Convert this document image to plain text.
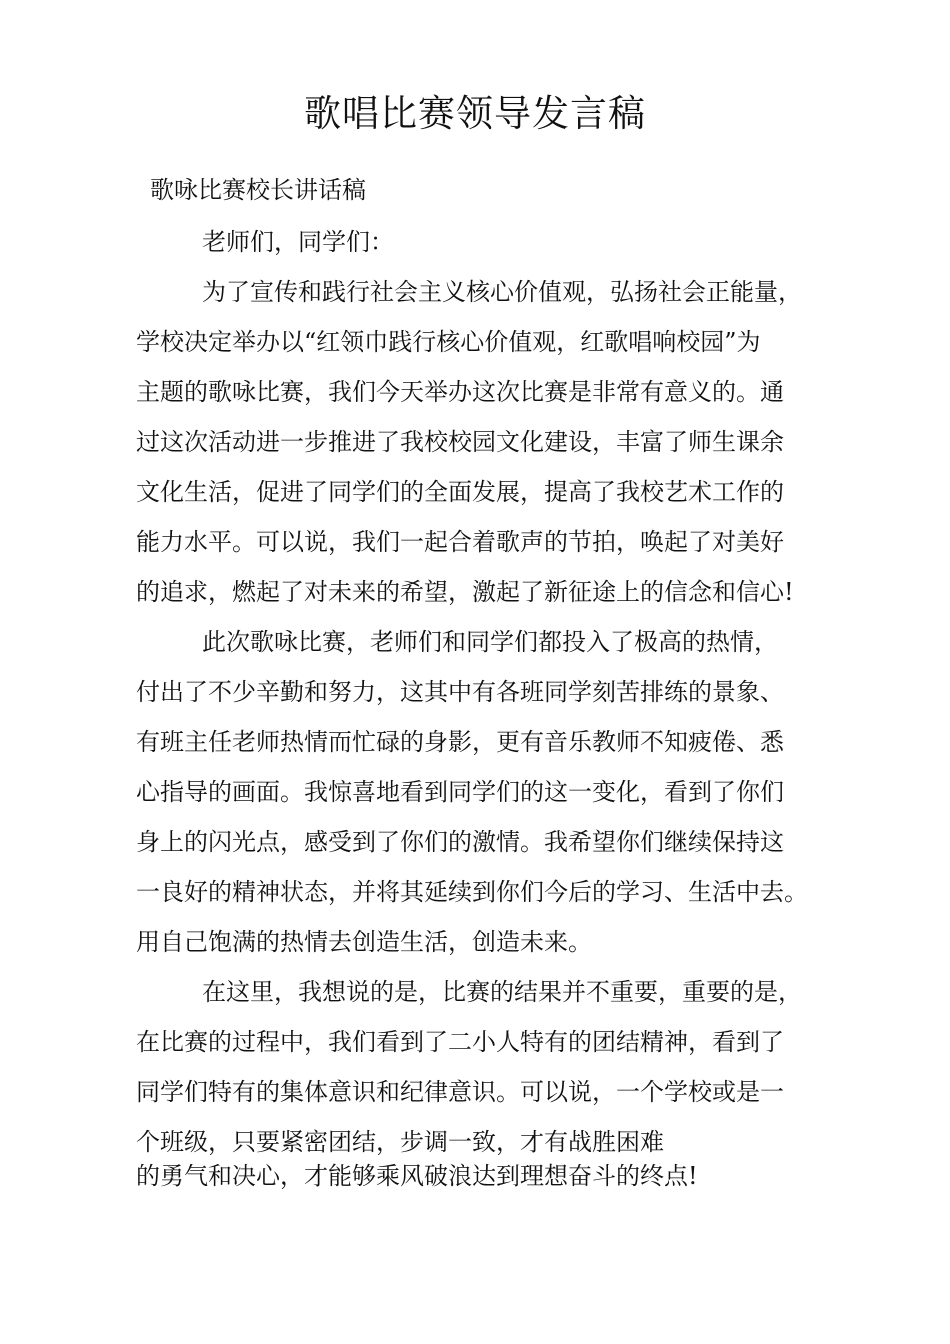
歌唱比赛领导发言稿
歌咏比赛校长讲话稿
老师们，同学们：
为了宣传和践行社会主义核心价值观，弘扬社会正能量，
学校决定举办以“红领巾践行核心价值观，红歌唱响校园”为
主题的歌咏比赛，我们今天举办这次比赛是非常有意义的。通
过这次活动进一步推进了我校校园文化建设，丰富了师生课余
文化生活，促进了同学们的全面发展，提高了我校艺术工作的
能力水平。可以说，我们一起合着歌声的节拍，唤起了对美好
的追求，燃起了对未来的希望，激起了新征途上的信念和信心!
此次歌咏比赛，老师们和同学们都投入了极高的热情，
付出了不少辛勤和努力，这其中有各班同学刻苦排练的景象、
有班主任老师热情而忙碌的身影，更有音乐教师不知疲倦、悉
心指导的画面。我惊喜地看到同学们的这一变化，看到了你们
身上的闪光点，感受到了你们的激情。我希望你们继续保持这
一良好的精神状态，并将其延续到你们今后的学习、生活中去。
用自己饱满的热情去创造生活，创造未来。
在这里，我想说的是，比赛的结果并不重要，重要的是，
在比赛的过程中，我们看到了二小人特有的团结精神，看到了
同学们特有的集体意识和纪律意识。可以说，一个学校或是一
个班级，只要紧密团结，步调一致，才有战胜困难
的勇气和决心，才能够乘风破浪达到理想奋斗的终点!
